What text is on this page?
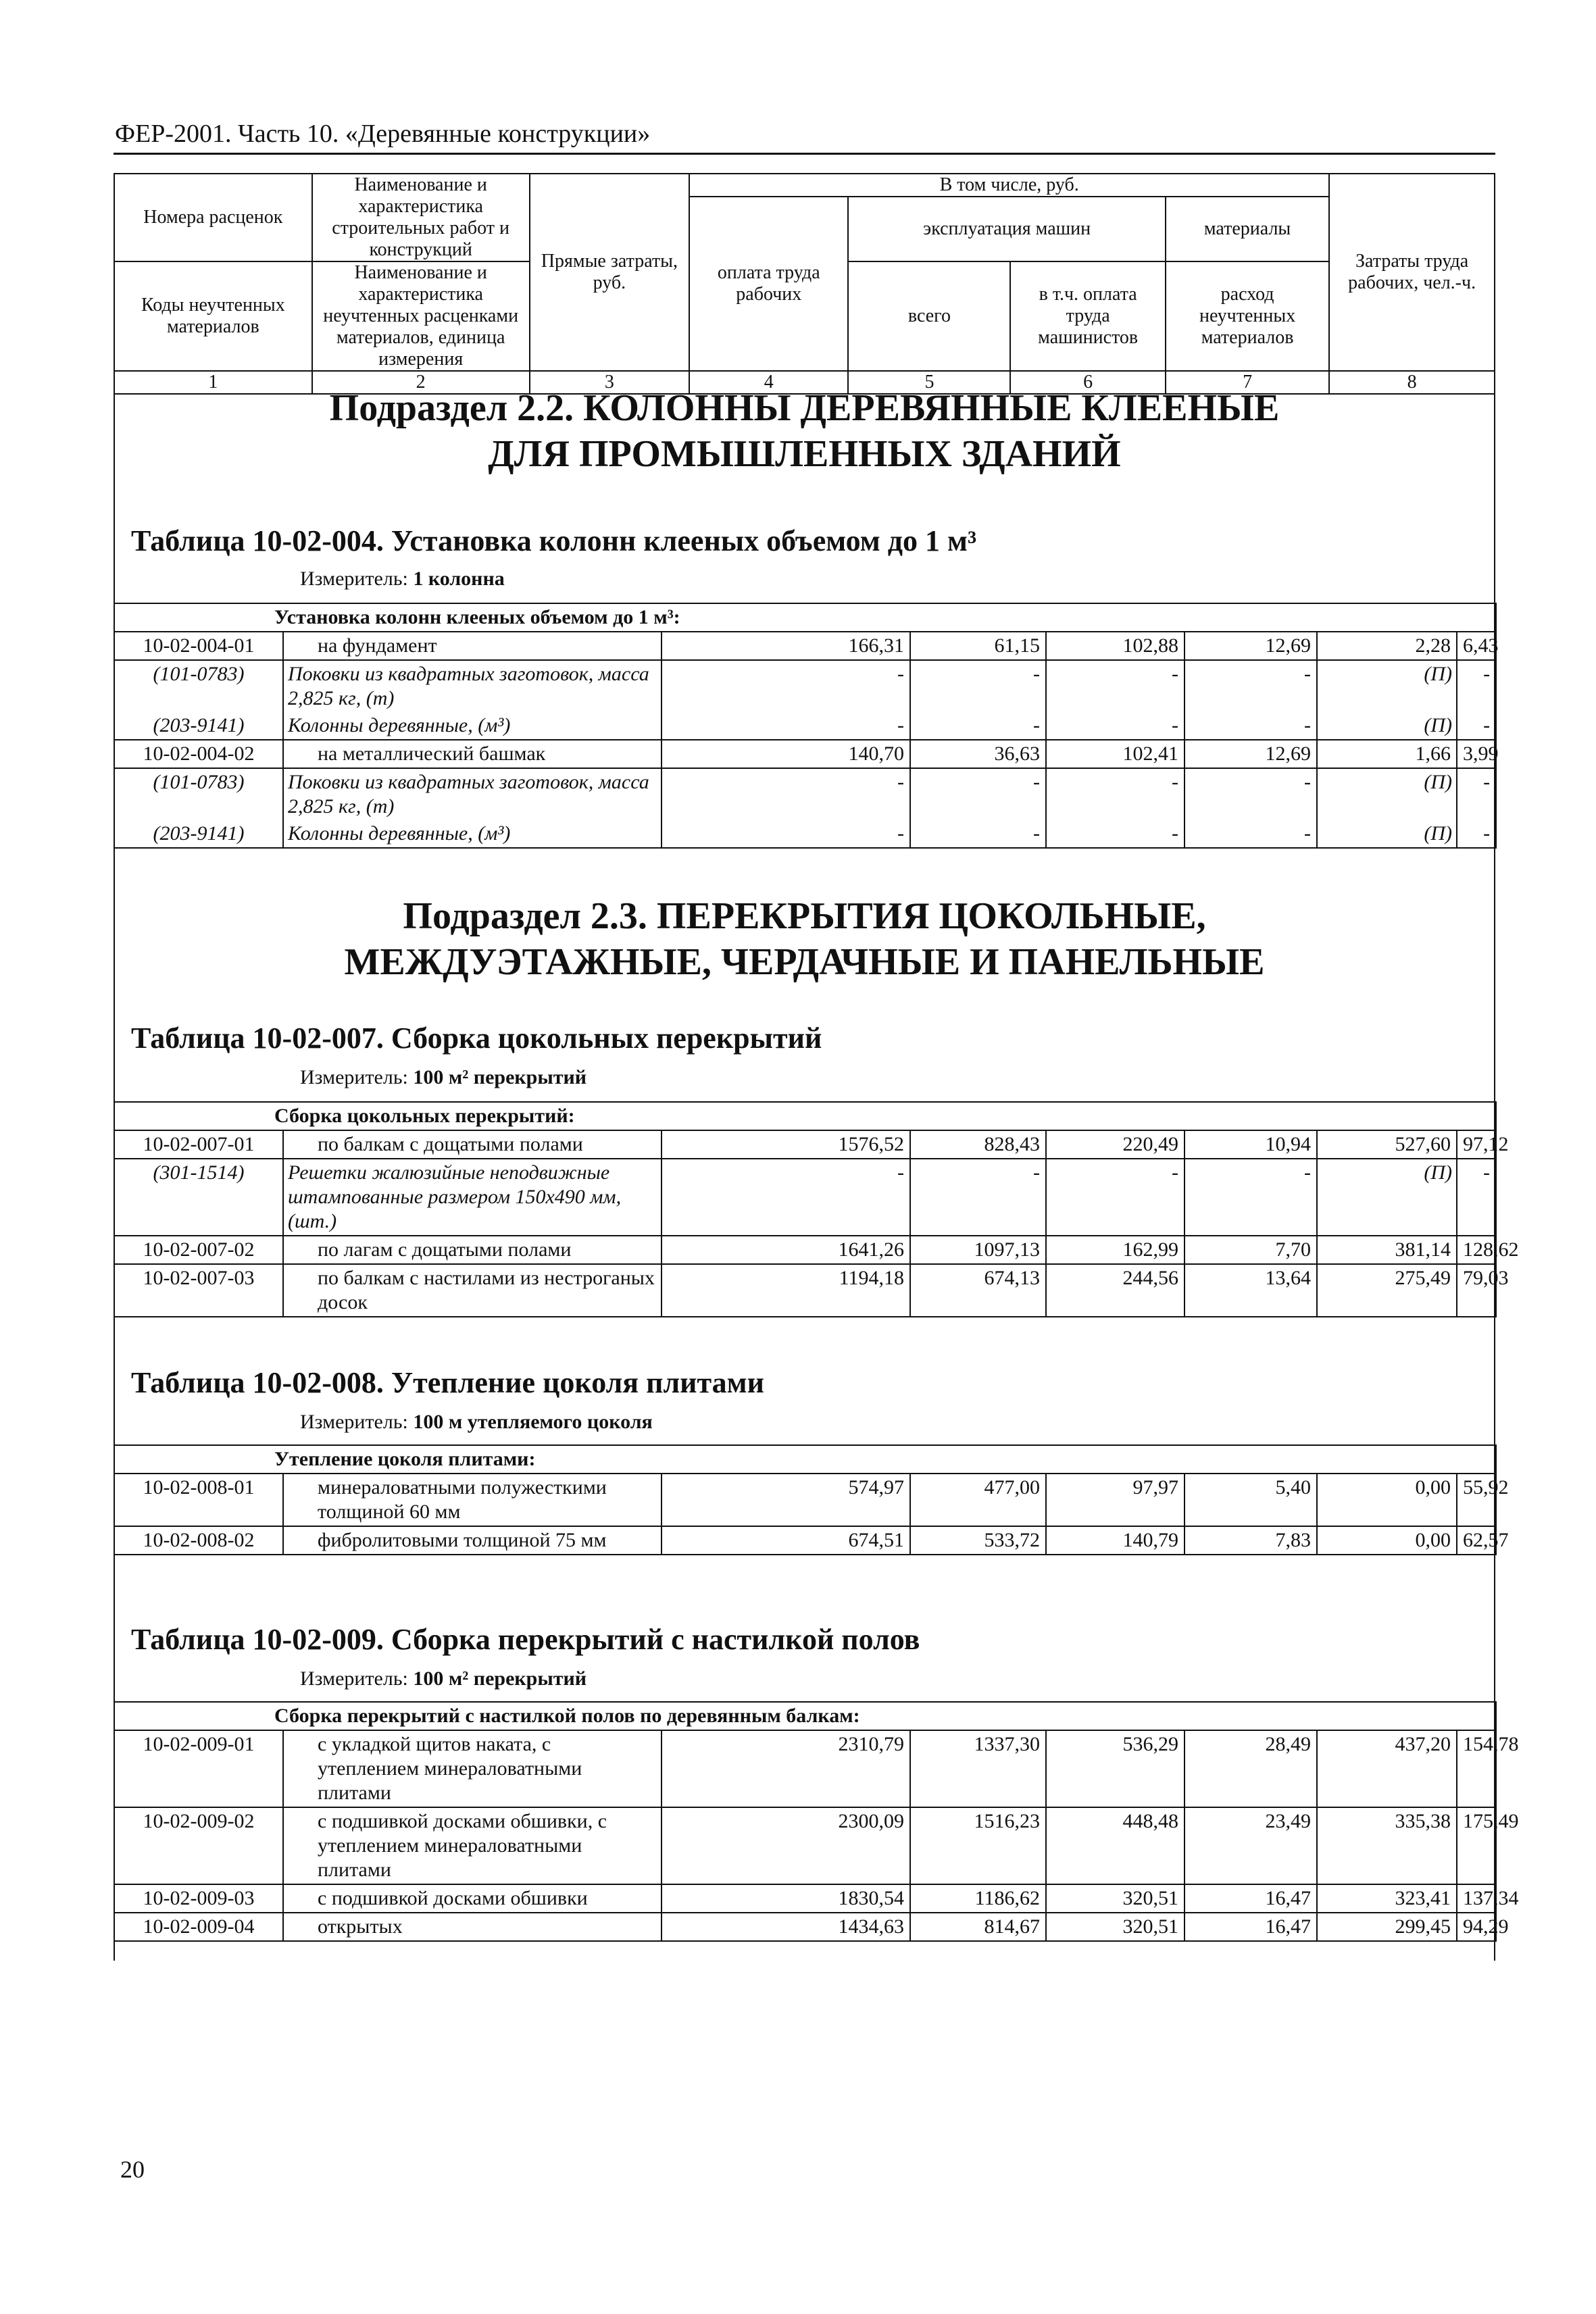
ФЕР-2001. Часть 10. «Деревянные конструкции»
Номера расценок	Наименование и характеристика строительных работ и конструкций	Прямые затраты, руб.	В том числе, руб.				Затраты труда рабочих, чел.-ч.
			оплата труда рабочих	эксплуатация машин		материалы	
Коды неучтенных материалов	Наименование и характеристика неучтенных расценками материалов, единица измерения			всего	в т.ч. оплата труда машинистов	расход неучтенных материалов	

1	2	3	4	5	6	7	8
Подраздел 2.2. КОЛОННЫ ДЕРЕВЯННЫЕ КЛЕЕНЫЕ ДЛЯ ПРОМЫШЛЕННЫХ ЗДАНИЙ
Таблица 10-02-004. Установка колонн клееных объемом до 1 м³
Измеритель: 1 колонна
Установка колонн клееных объемом до 1 м³:							
10-02-004-01	на фундамент	166,31	61,15	102,88	12,69	2,28	6,43
(101-0783)	Поковки из квадратных заготовок, масса 2,825 кг, (т)	-	-	-	-	(П)	-
(203-9141)	Колонны деревянные, (м³)	-	-	-	-	(П)	-
10-02-004-02	на металлический башмак	140,70	36,63	102,41	12,69	1,66	3,99
(101-0783)	Поковки из квадратных заготовок, масса 2,825 кг, (т)	-	-	-	-	(П)	-
(203-9141)	Колонны деревянные, (м³)	-	-	-	-	(П)	-
Подраздел 2.3. ПЕРЕКРЫТИЯ ЦОКОЛЬНЫЕ, МЕЖДУЭТАЖНЫЕ, ЧЕРДАЧНЫЕ И ПАНЕЛЬНЫЕ
Таблица 10-02-007. Сборка цокольных перекрытий
Измеритель: 100 м² перекрытий
Сборка цокольных перекрытий:							
10-02-007-01	по балкам с дощатыми полами	1576,52	828,43	220,49	10,94	527,60	97,12
(301-1514)	Решетки жалюзийные неподвижные штампованные размером 150х490 мм, (шт.)	-	-	-	-	(П)	-
10-02-007-02	по лагам с дощатыми полами	1641,26	1097,13	162,99	7,70	381,14	128,62
10-02-007-03	по балкам с настилами из нестроганых досок	1194,18	674,13	244,56	13,64	275,49	79,03
Таблица 10-02-008. Утепление цоколя плитами
Измеритель: 100 м утепляемого цоколя
Утепление цоколя плитами:							
10-02-008-01	минераловатными полужесткими толщиной 60 мм	574,97	477,00	97,97	5,40	0,00	55,92
10-02-008-02	фибролитовыми толщиной 75 мм	674,51	533,72	140,79	7,83	0,00	62,57
Таблица 10-02-009. Сборка перекрытий с настилкой полов
Измеритель: 100 м² перекрытий
Сборка перекрытий с настилкой полов по деревянным балкам:							
10-02-009-01	с укладкой щитов наката, с утеплением минераловатными плитами	2310,79	1337,30	536,29	28,49	437,20	154,78
10-02-009-02	с подшивкой досками обшивки, с утеплением минераловатными плитами	2300,09	1516,23	448,48	23,49	335,38	175,49
10-02-009-03	с подшивкой досками обшивки	1830,54	1186,62	320,51	16,47	323,41	137,34
10-02-009-04	открытых	1434,63	814,67	320,51	16,47	299,45	94,29
20
